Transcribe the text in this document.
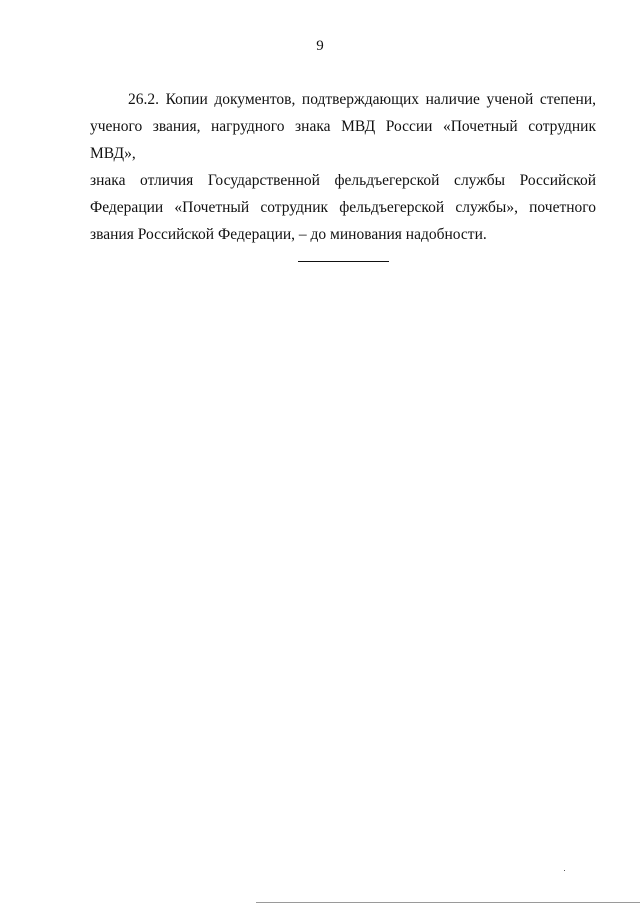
9
26.2. Копии документов, подтверждающих наличие ученой степени,
ученого звания, нагрудного знака МВД России «Почетный сотрудник МВД»,
знака отличия Государственной фельдъегерской службы Российской
Федерации «Почетный сотрудник фельдъегерской службы», почетного
звания Российской Федерации, – до минования надобности.
